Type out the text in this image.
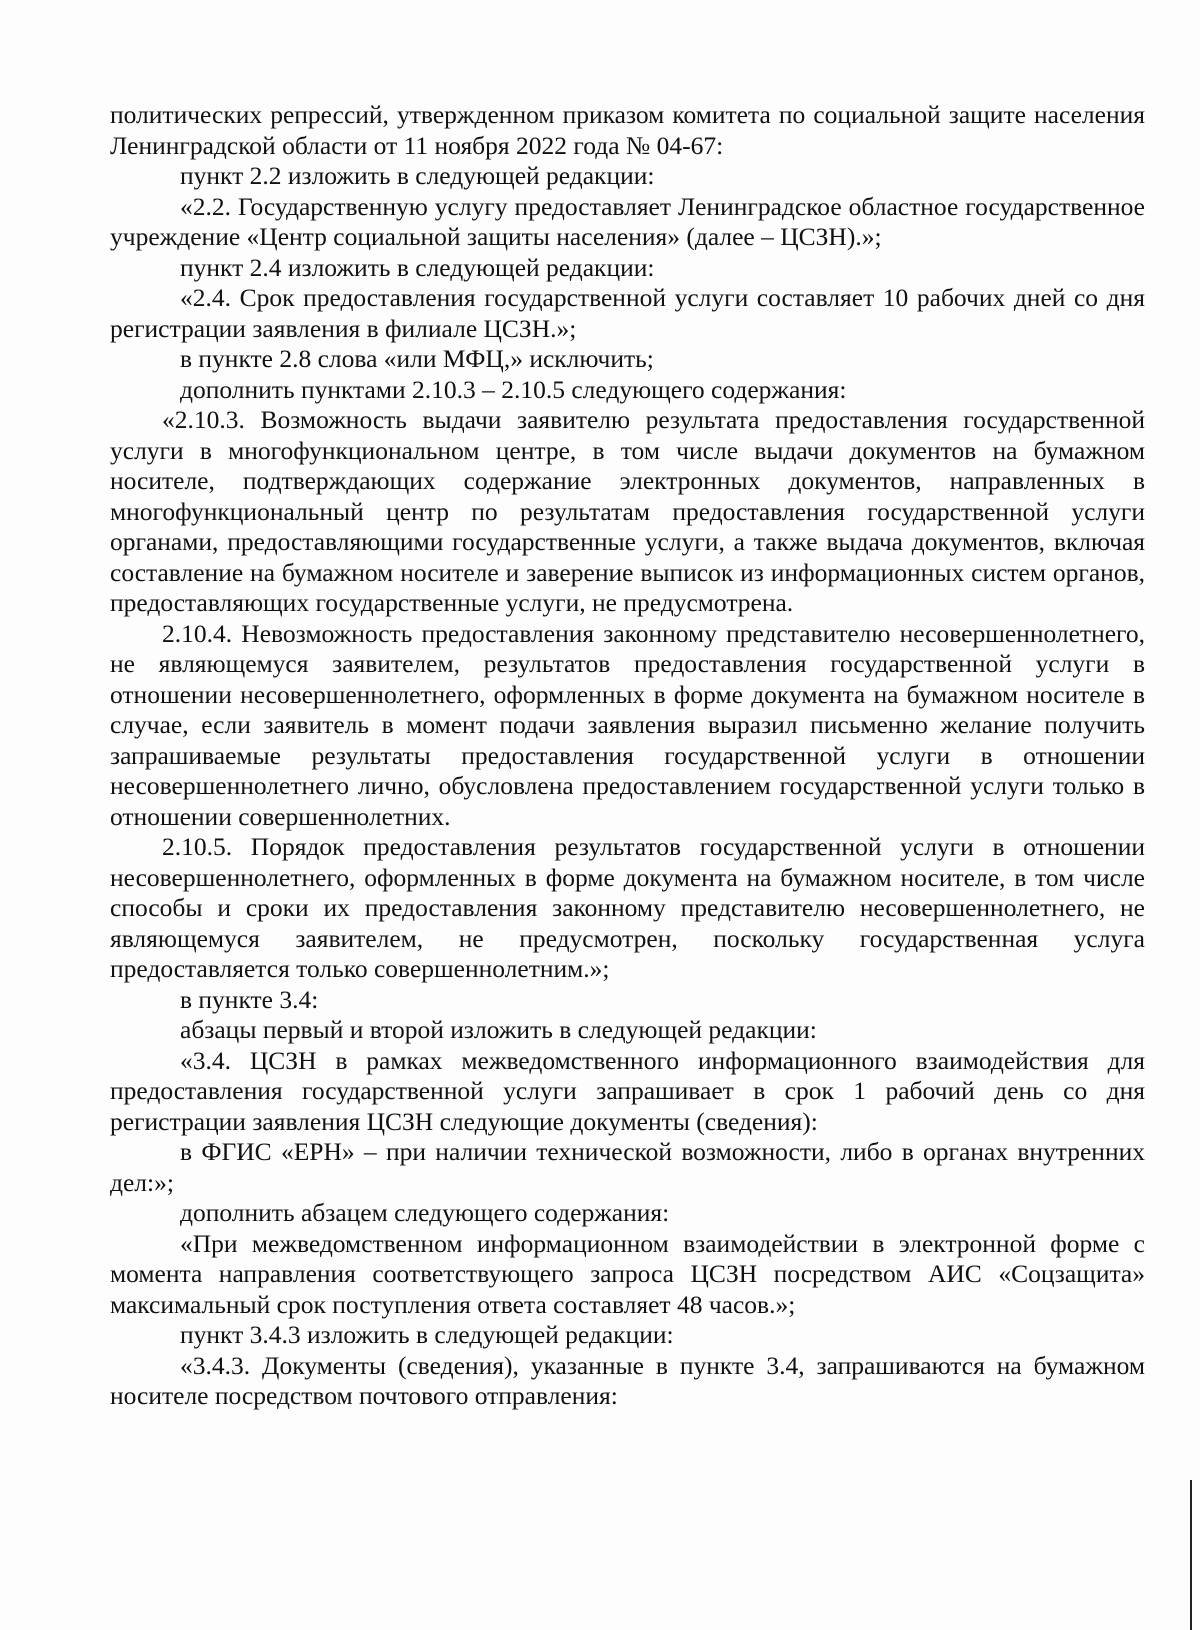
политических репрессий, утвержденном приказом комитета по социальной защите населения Ленинградской области от 11 ноября 2022 года № 04-67:

пункт 2.2 изложить в следующей редакции:

«2.2. Государственную услугу предоставляет Ленинградское областное государственное учреждение «Центр социальной защиты населения» (далее – ЦСЗН).»;

пункт 2.4 изложить в следующей редакции:

«2.4. Срок предоставления государственной услуги составляет 10 рабочих дней со дня регистрации заявления в филиале ЦСЗН.»;

в пункте 2.8 слова «или МФЦ,» исключить;

дополнить пунктами 2.10.3 – 2.10.5 следующего содержания:

«2.10.3. Возможность выдачи заявителю результата предоставления государственной услуги в многофункциональном центре, в том числе выдачи документов на бумажном носителе, подтверждающих содержание электронных документов, направленных в многофункциональный центр по результатам предоставления государственной услуги органами, предоставляющими государственные услуги, а также выдача документов, включая составление на бумажном носителе и заверение выписок из информационных систем органов, предоставляющих государственные услуги, не предусмотрена.

2.10.4. Невозможность предоставления законному представителю несовершеннолетнего, не являющемуся заявителем, результатов предоставления государственной услуги в отношении несовершеннолетнего, оформленных в форме документа на бумажном носителе в случае, если заявитель в момент подачи заявления выразил письменно желание получить запрашиваемые результаты предоставления государственной услуги в отношении несовершеннолетнего лично, обусловлена предоставлением государственной услуги только в отношении совершеннолетних.

2.10.5. Порядок предоставления результатов государственной услуги в отношении несовершеннолетнего, оформленных в форме документа на бумажном носителе, в том числе способы и сроки их предоставления законному представителю несовершеннолетнего, не являющемуся заявителем, не предусмотрен, поскольку государственная услуга предоставляется только совершеннолетним.»;

в пункте 3.4:

абзацы первый и второй изложить в следующей редакции:

«3.4. ЦСЗН в рамках межведомственного информационного взаимодействия для предоставления государственной услуги запрашивает в срок 1 рабочий день со дня регистрации заявления ЦСЗН следующие документы (сведения):

в ФГИС «ЕРН» – при наличии технической возможности, либо в органах внутренних дел:»;

дополнить абзацем следующего содержания:

«При межведомственном информационном взаимодействии в электронной форме с момента направления соответствующего запроса ЦСЗН посредством АИС «Соцзащита» максимальный срок поступления ответа составляет 48 часов.»;

пункт 3.4.3 изложить в следующей редакции:

«3.4.3. Документы (сведения), указанные в пункте 3.4, запрашиваются на бумажном носителе посредством почтового отправления:
